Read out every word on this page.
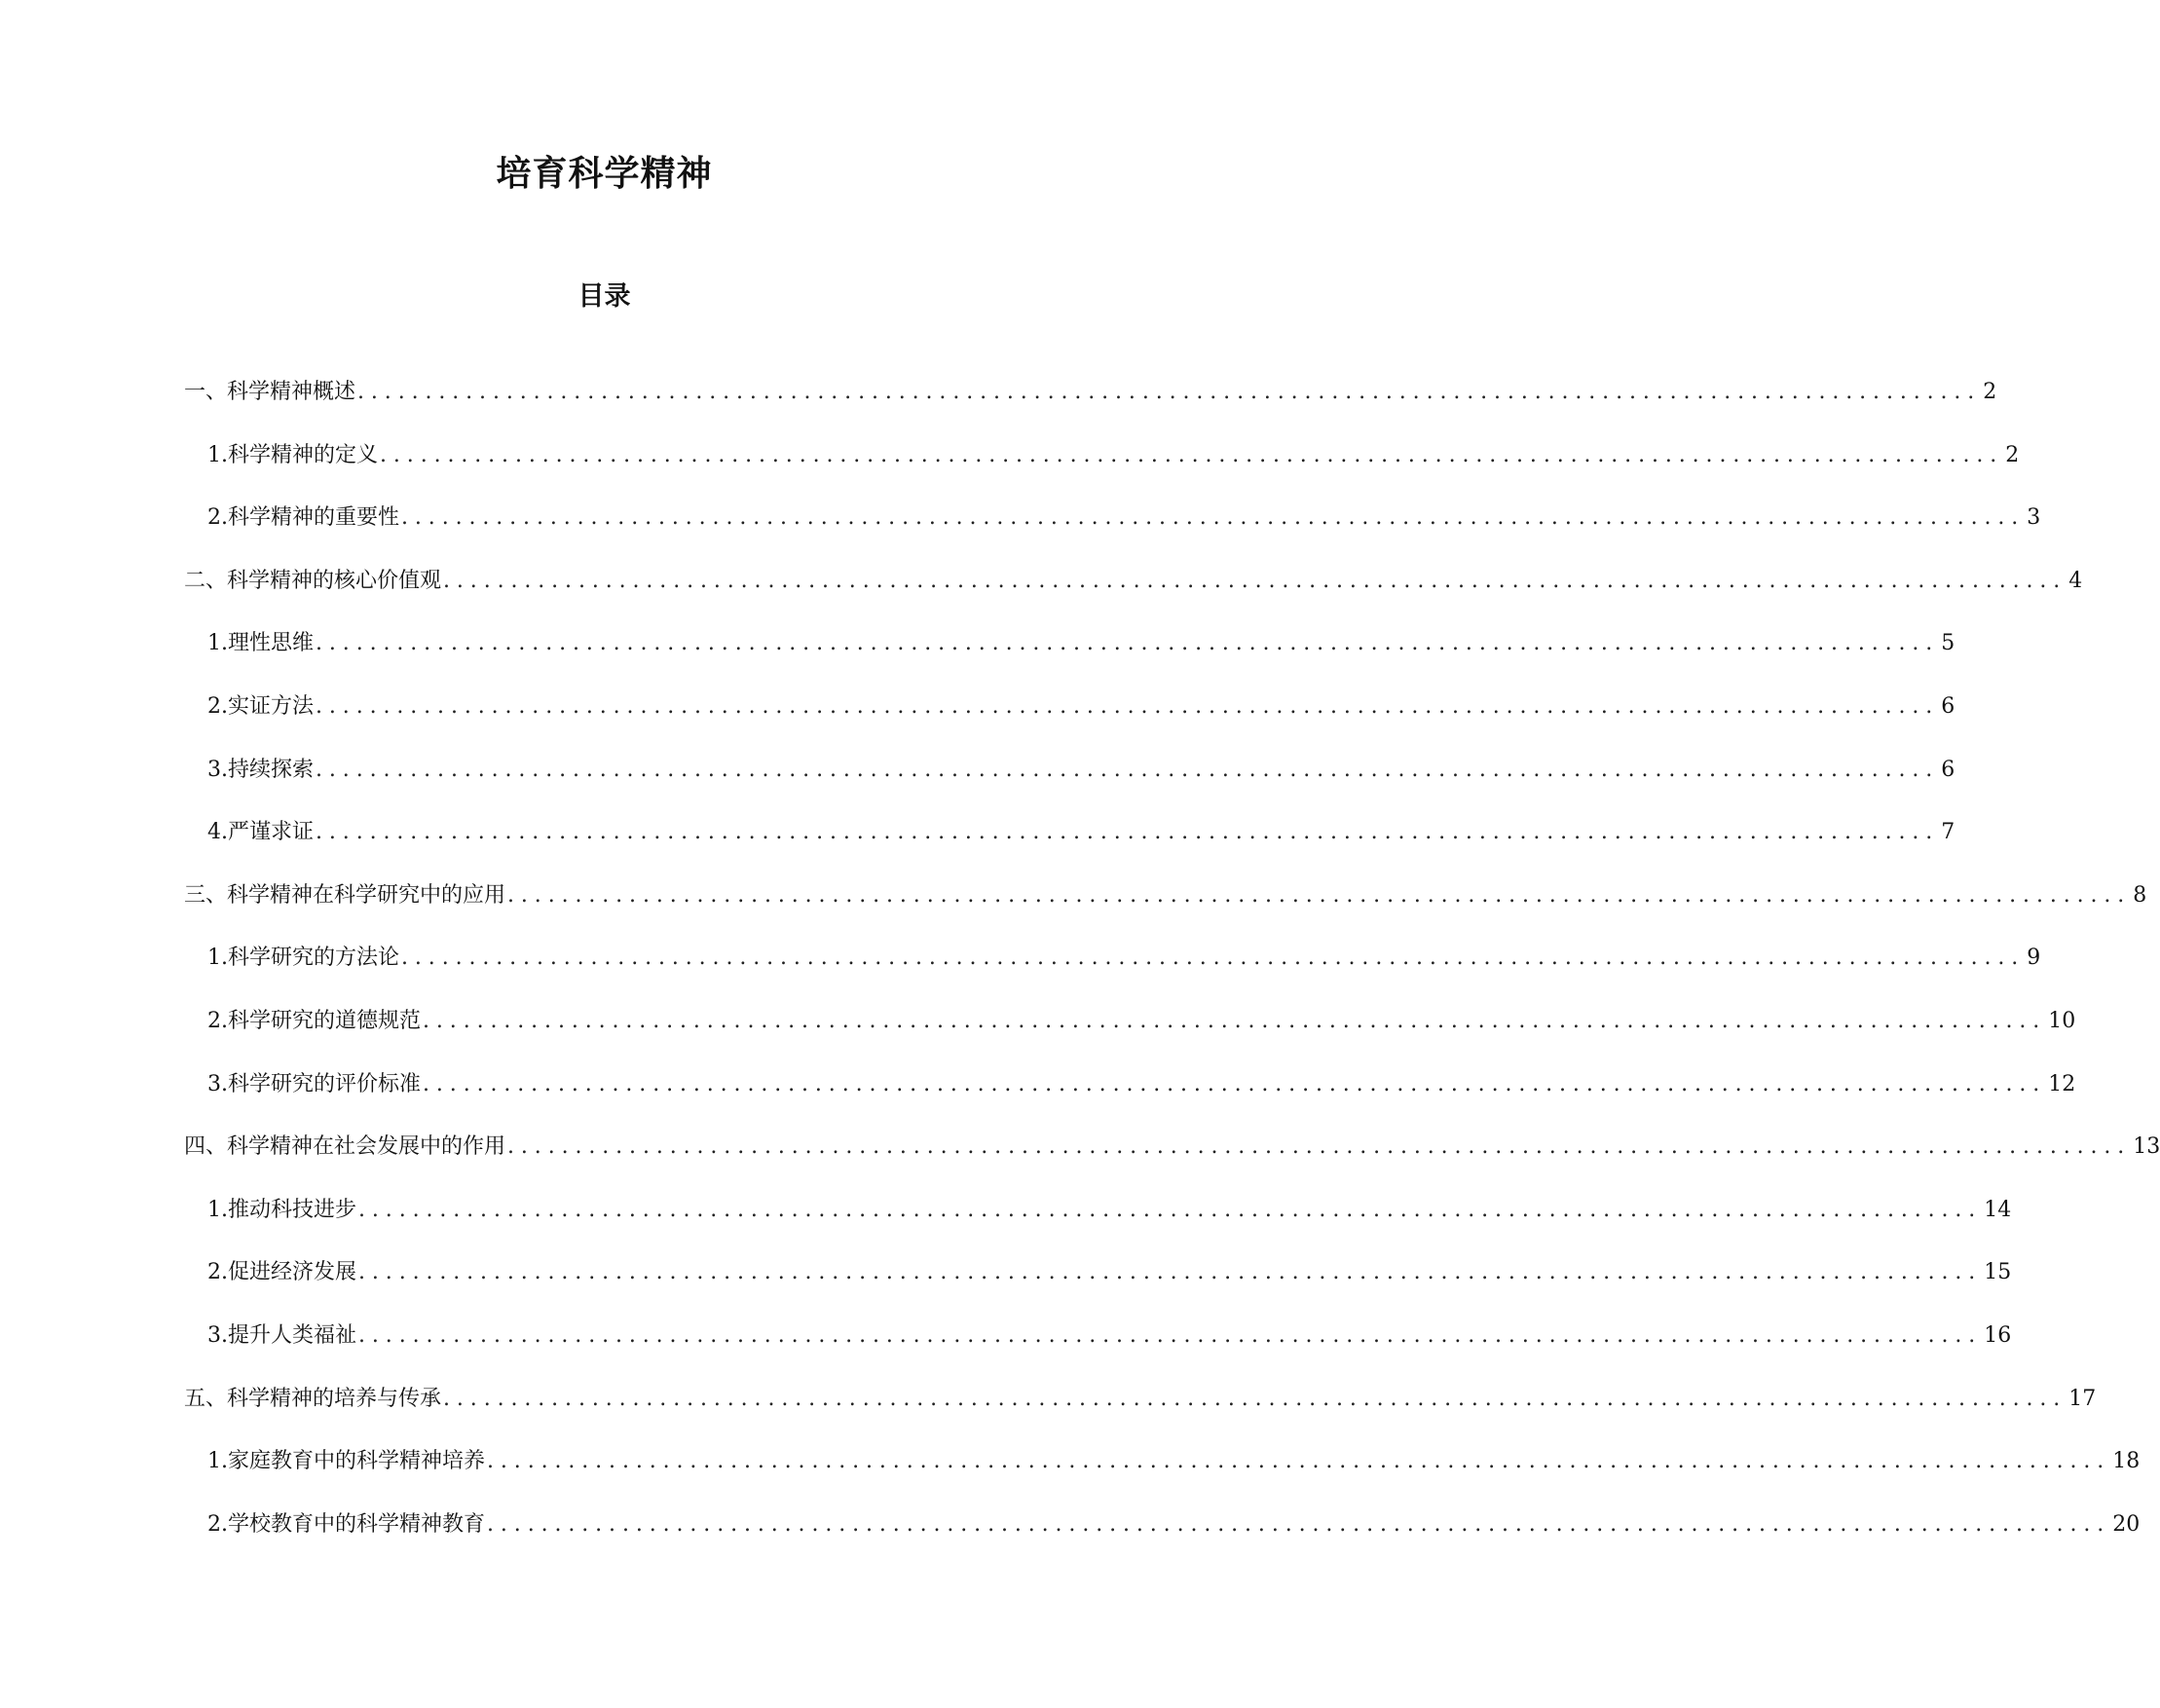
培育科学精神
目录
一、科学精神概述 ........................................................................................................................ 2
1. 科学精神的定义 ........................................................................................................................ 2
2. 科学精神的重要性 ........................................................................................................................ 3
二、科学精神的核心价值观 ........................................................................................................................ 4
1. 理性思维 ........................................................................................................................ 5
2. 实证方法 ........................................................................................................................ 6
3. 持续探索 ........................................................................................................................ 6
4. 严谨求证 ........................................................................................................................ 7
三、科学精神在科学研究中的应用 ........................................................................................................................ 8
1. 科学研究的方法论 ........................................................................................................................ 9
2. 科学研究的道德规范 ........................................................................................................................ 10
3. 科学研究的评价标准 ........................................................................................................................ 12
四、科学精神在社会发展中的作用 ........................................................................................................................ 13
1. 推动科技进步 ........................................................................................................................ 14
2. 促进经济发展 ........................................................................................................................ 15
3. 提升人类福祉 ........................................................................................................................ 16
五、科学精神的培养与传承 ........................................................................................................................ 17
1. 家庭教育中的科学精神培养 ........................................................................................................................ 18
2. 学校教育中的科学精神教育 ........................................................................................................................ 20
